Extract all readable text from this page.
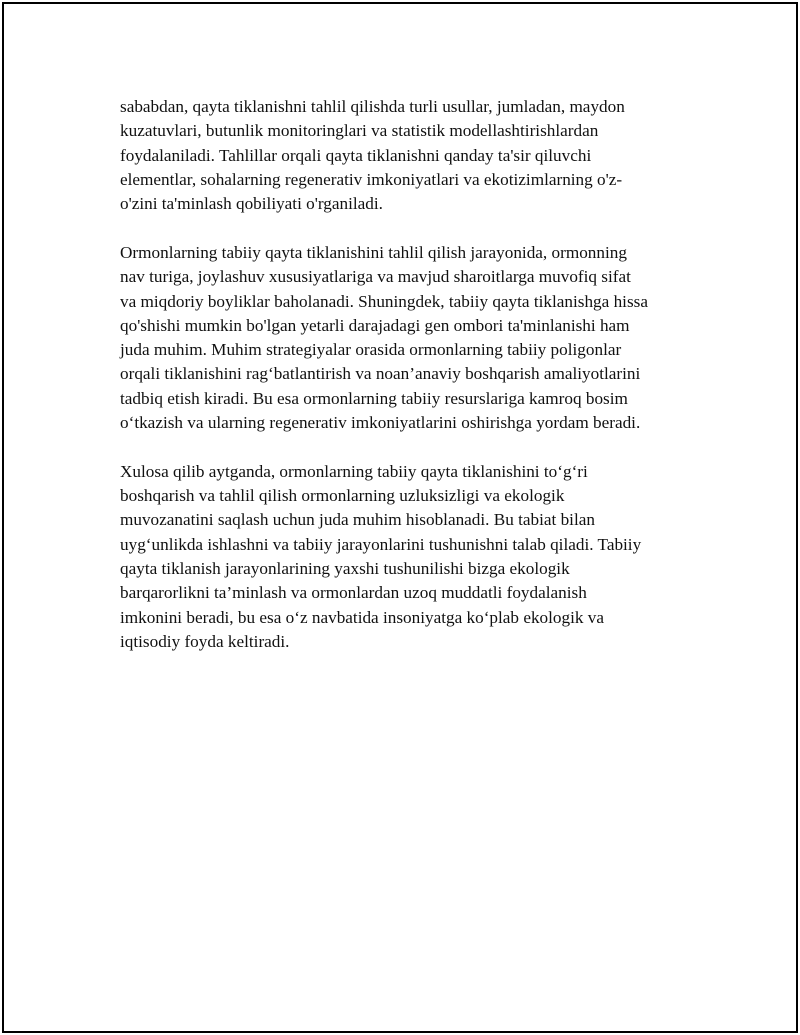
sababdan, qayta tiklanishni tahlil qilishda turli usullar, jumladan, maydon
kuzatuvlari, butunlik monitoringlari va statistik modellashtirishlardan
foydalaniladi. Tahlillar orqali qayta tiklanishni qanday ta'sir qiluvchi
elementlar, sohalarning regenerativ imkoniyatlari va ekotizimlarning o'z-
o'zini ta'minlash qobiliyati o'rganiladi.

Ormonlarning tabiiy qayta tiklanishini tahlil qilish jarayonida, ormonning
nav turiga, joylashuv xususiyatlariga va mavjud sharoitlarga muvofiq sifat
va miqdoriy boyliklar baholanadi. Shuningdek, tabiiy qayta tiklanishga hissa
qo'shishi mumkin bo'lgan yetarli darajadagi gen ombori ta'minlanishi ham
juda muhim. Muhim strategiyalar orasida ormonlarning tabiiy poligonlar
orqali tiklanishini rag‘batlantirish va noan’anaviy boshqarish amaliyotlarini
tadbiq etish kiradi. Bu esa ormonlarning tabiiy resurslariga kamroq bosim
o‘tkazish va ularning regenerativ imkoniyatlarini oshirishga yordam beradi.

Xulosa qilib aytganda, ormonlarning tabiiy qayta tiklanishini to‘g‘ri
boshqarish va tahlil qilish ormonlarning uzluksizligi va ekologik
muvozanatini saqlash uchun juda muhim hisoblanadi. Bu tabiat bilan
uyg‘unlikda ishlashni va tabiiy jarayonlarini tushunishni talab qiladi. Tabiiy
qayta tiklanish jarayonlarining yaxshi tushunilishi bizga ekologik
barqarorlikni ta’minlash va ormonlardan uzoq muddatli foydalanish
imkonini beradi, bu esa o‘z navbatida insoniyatga ko‘plab ekologik va
iqtisodiy foyda keltiradi.
